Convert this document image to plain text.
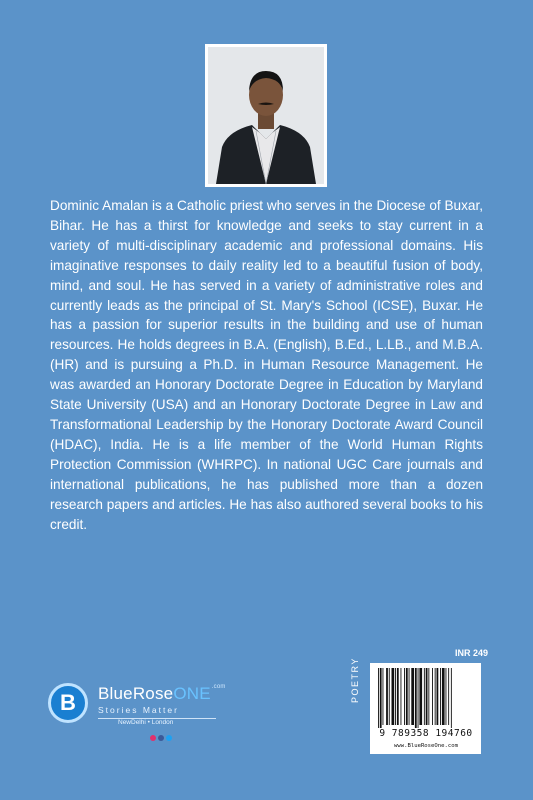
Dominic Amalan is a Catholic priest who serves in the Diocese of Buxar, Bihar. He has a thirst for knowledge and seeks to stay current in a variety of multi-disciplinary academic and professional domains. His imaginative responses to daily reality led to a beautiful fusion of body, mind, and soul. He has served in a variety of administrative roles and currently leads as the principal of St. Mary's School (ICSE), Buxar. He has a passion for superior results in the building and use of human resources. He holds degrees in B.A. (English), B.Ed., L.LB., and M.B.A. (HR) and is pursuing a Ph.D. in Human Resource Management. He was awarded an Honorary Doctorate Degree in Education by Maryland State University (USA) and an Honorary Doctorate Degree in Law and Transformational Leadership by the Honorary Doctorate Award Council (HDAC), India. He is a life member of the World Human Rights Protection Commission (WHRPC). In national UGC Care journals and international publications, he has published more than a dozen research papers and articles. He has also authored several books to his credit.

B	BlueRoseONE$^{.com}$
Stories Matter
NewDelhi • London
INR 249
POETRY
9 789358 194760
www.BlueRoseOne.com
